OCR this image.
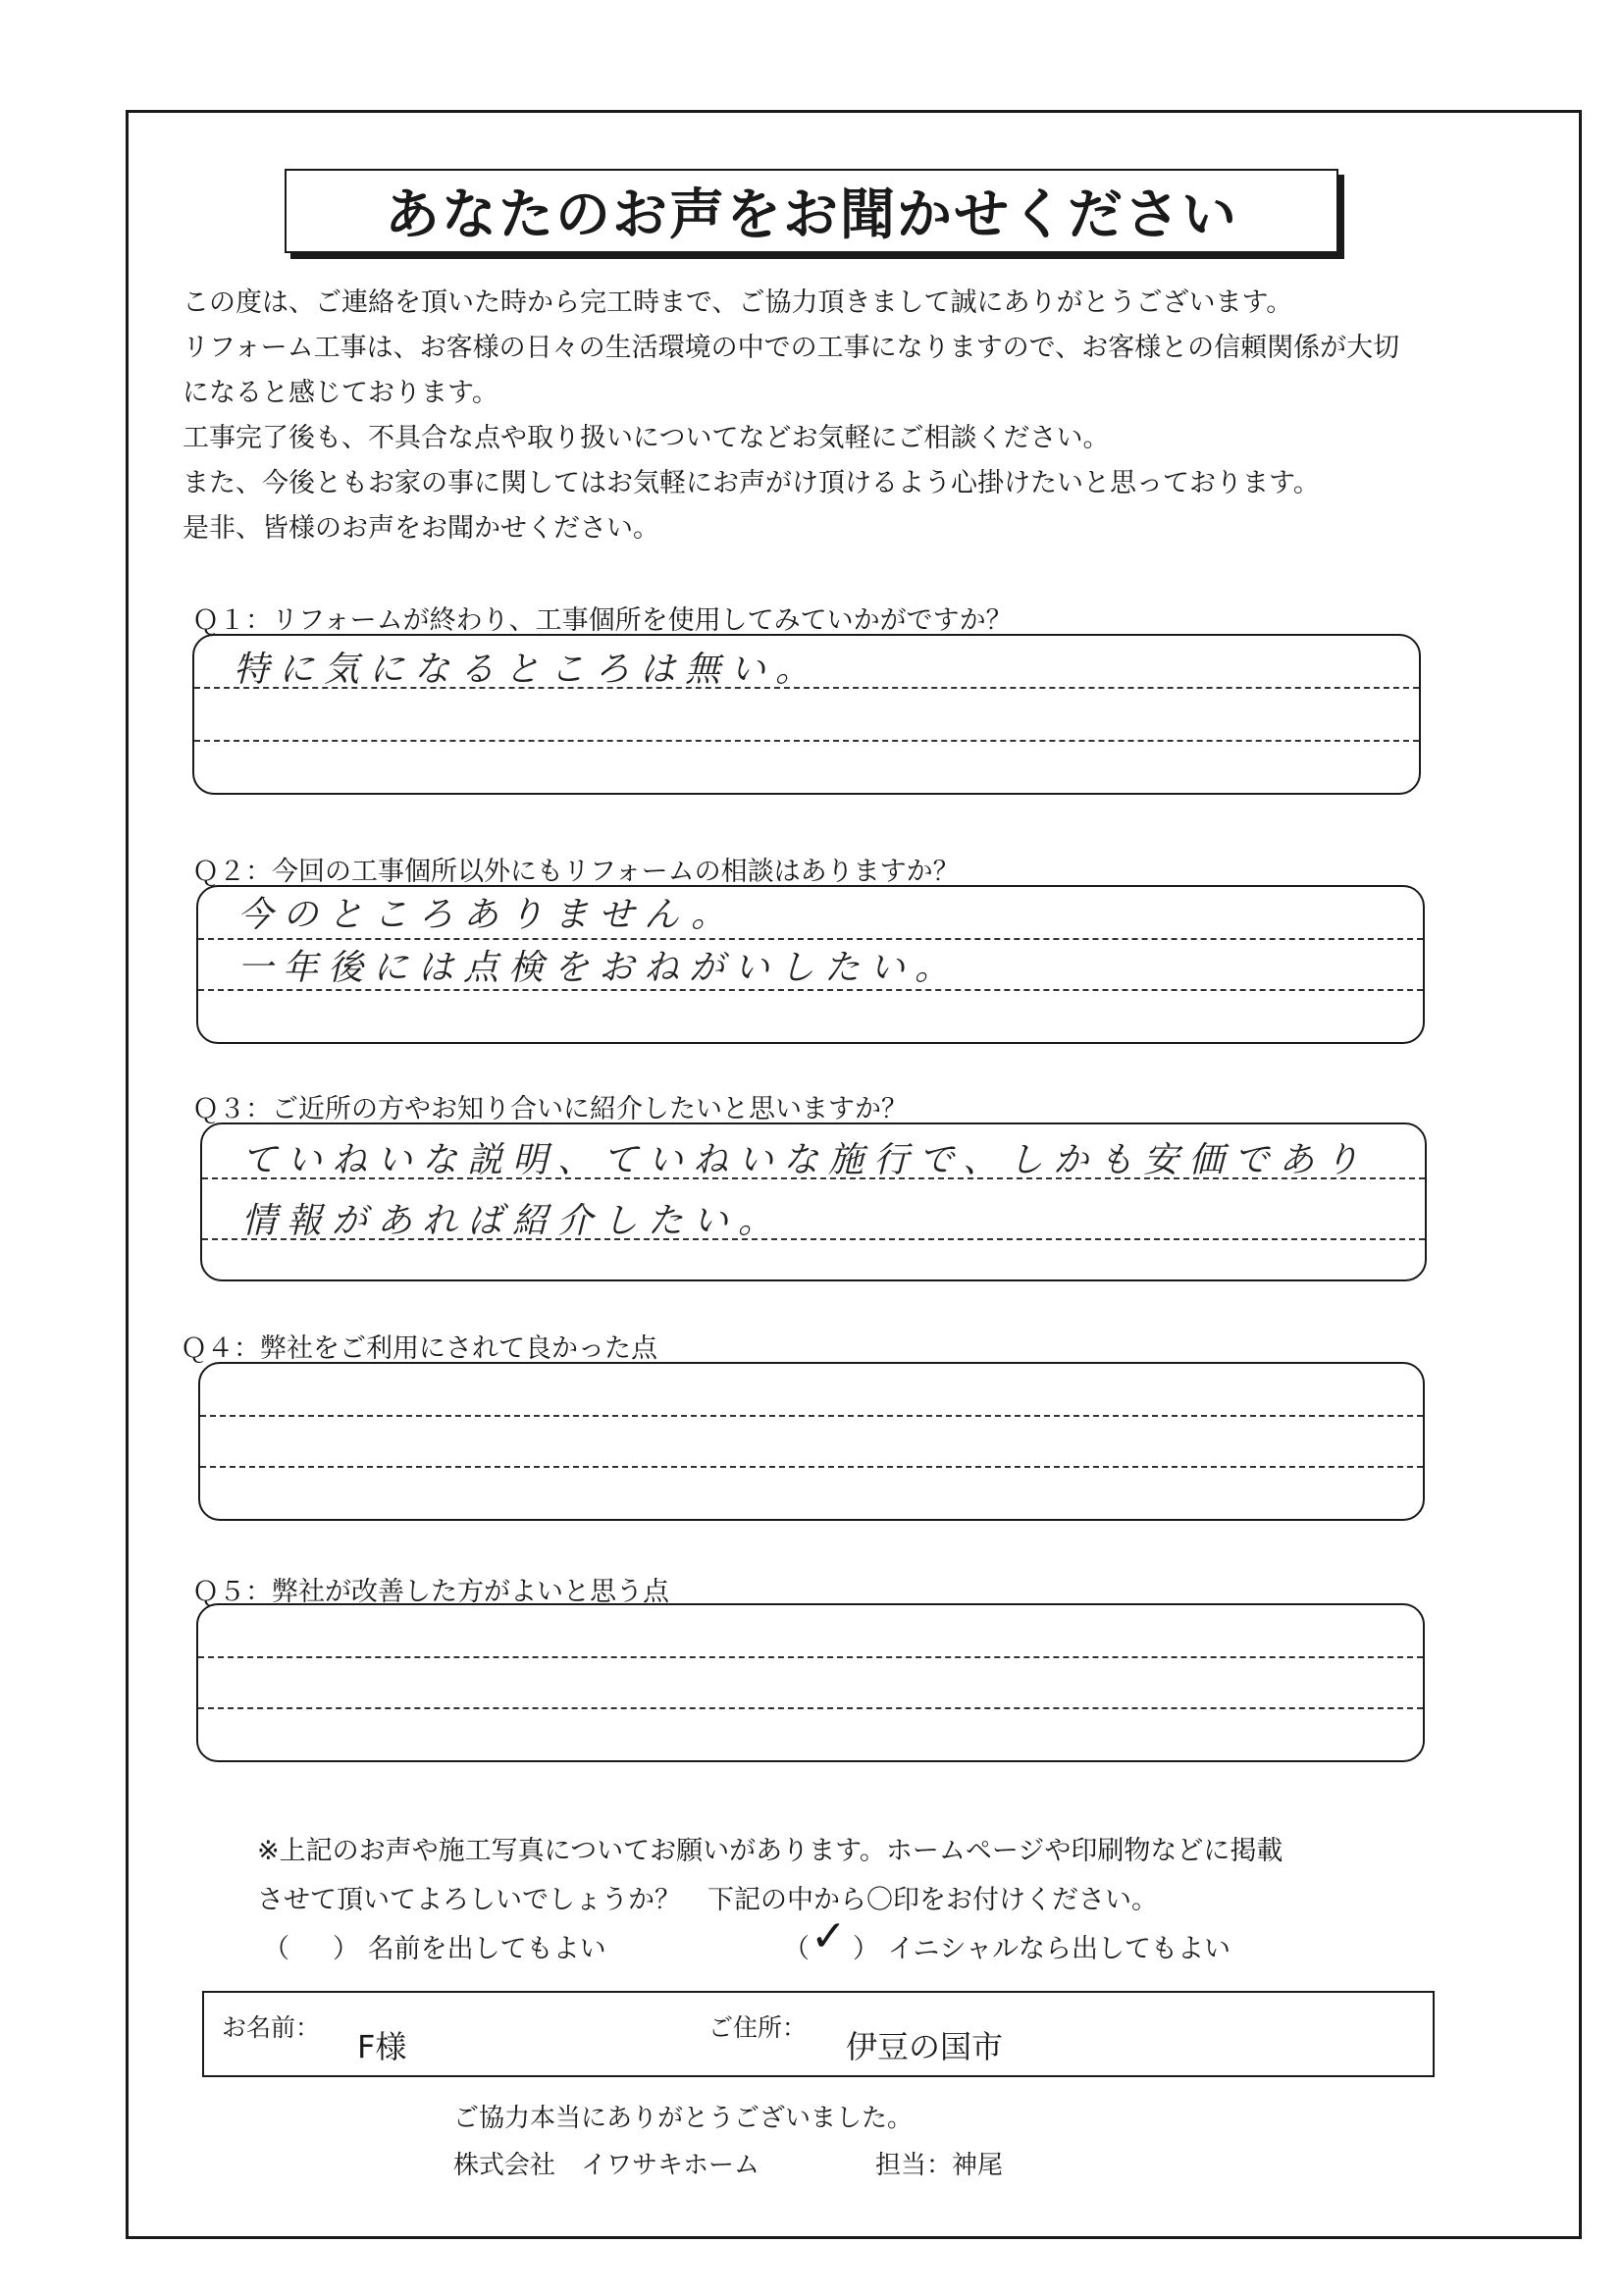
あなたのお声をお聞かせください

この度は、ご連絡を頂いた時から完工時まで、ご協力頂きまして誠にありがとうございます。

リフォーム工事は、お客様の日々の生活環境の中での工事になりますので、お客様との信頼関係が大切

になると感じております。

工事完了後も、不具合な点や取り扱いについてなどお気軽にご相談ください。

また、今後ともお家の事に関してはお気軽にお声がけ頂けるよう心掛けたいと思っております。

是非、皆様のお声をお聞かせください。

Ｑ１：リフォームが終わり、工事個所を使用してみていかがですか？
特に気になるところは無い。
Ｑ２：今回の工事個所以外にもリフォームの相談はありますか？
今のところありません。
一年後には点検をおねがいしたい。
Ｑ３：ご近所の方やお知り合いに紹介したいと思いますか？
ていねいな説明、ていねいな施行で、しかも安価であり
情報があれば紹介したい。
Ｑ４：弊社をご利用にされて良かった点
Ｑ５：弊社が改善した方がよいと思う点
※上記のお声や施工写真についてお願いがあります。ホームページや印刷物などに掲載
させて頂いてよろしいでしょうか？　下記の中から〇印をお付けください。
（ ） 名前を出してもよい	（ ） イニシャルなら出してもよい
✓
お名前：
F様
ご住所：
伊豆の国市
ご協力本当にありがとうございました。
株式会社　イワサキホーム	担当：神尾
